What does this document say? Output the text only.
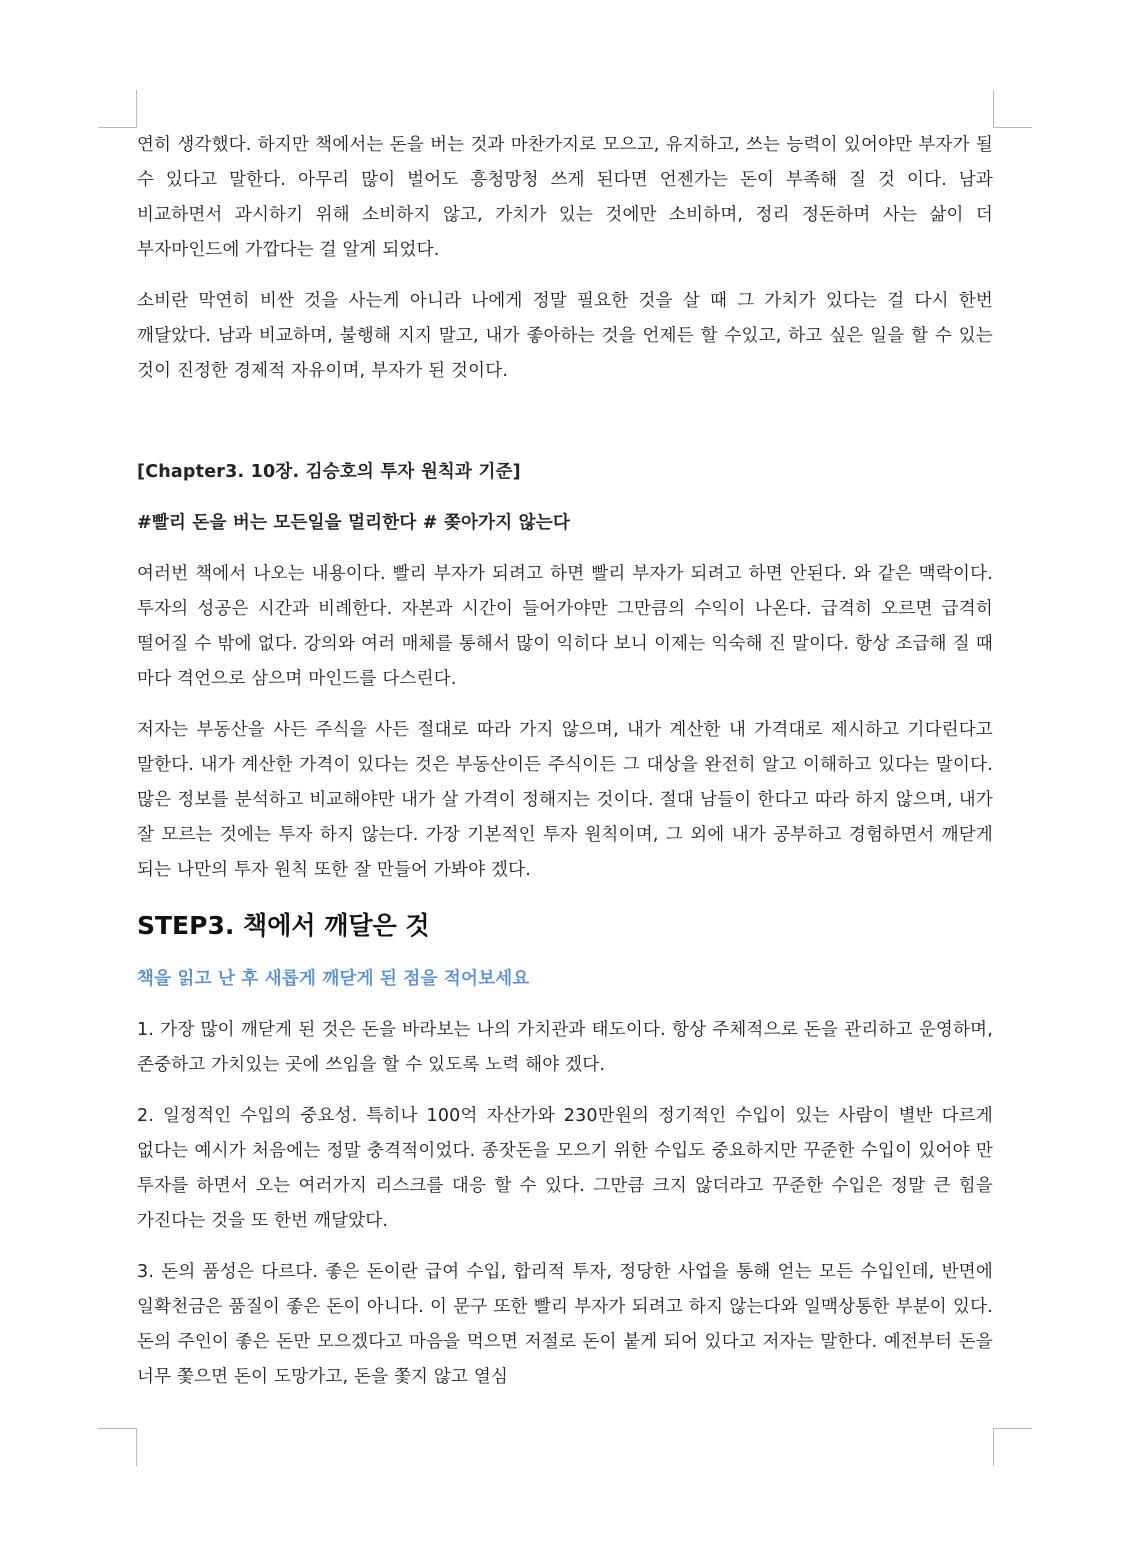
연히 생각했다. 하지만 책에서는 돈을 버는 것과 마찬가지로 모으고, 유지하고, 쓰는 능력이 있어야만 부자가 될 수 있다고 말한다. 아무리 많이 벌어도 흥청망청 쓰게 된다면 언젠가는 돈이 부족해 질 것 이다. 남과 비교하면서 과시하기 위해 소비하지 않고, 가치가 있는 것에만 소비하며, 정리 정돈하며 사는 삶이 더 부자마인드에 가깝다는 걸 알게 되었다.

소비란 막연히 비싼 것을 사는게 아니라 나에게 정말 필요한 것을 살 때 그 가치가 있다는 걸 다시 한번 깨달았다. 남과 비교하며, 불행해 지지 말고, 내가 좋아하는 것을 언제든 할 수있고, 하고 싶은 일을 할 수 있는 것이 진정한 경제적 자유이며, 부자가 된 것이다.

[Chapter3. 10장. 김승호의 투자 원칙과 기준]

#빨리 돈을 버는 모든일을 멀리한다 # 쫒아가지 않는다

여러번 책에서 나오는 내용이다. 빨리 부자가 되려고 하면 빨리 부자가 되려고 하면 안된다. 와 같은 맥락이다. 투자의 성공은 시간과 비례한다. 자본과 시간이 들어가야만 그만큼의 수익이 나온다. 급격히 오르면 급격히 떨어질 수 밖에 없다. 강의와 여러 매체를 통해서 많이 익히다 보니 이제는 익숙해 진 말이다. 항상 조급해 질 때 마다 격언으로 삼으며 마인드를 다스린다.

저자는 부동산을 사든 주식을 사든 절대로 따라 가지 않으며, 내가 계산한 내 가격대로 제시하고 기다린다고 말한다. 내가 계산한 가격이 있다는 것은 부동산이든 주식이든 그 대상을 완전히 알고 이해하고 있다는 말이다. 많은 정보를 분석하고 비교해야만 내가 살 가격이 정해지는 것이다. 절대 남들이 한다고 따라 하지 않으며, 내가 잘 모르는 것에는 투자 하지 않는다. 가장 기본적인 투자 원칙이며, 그 외에 내가 공부하고 경험하면서 깨닫게 되는 나만의 투자 원칙 또한 잘 만들어 가봐야 겠다.

STEP3. 책에서 깨달은 것

책을 읽고 난 후 새롭게 깨닫게 된 점을 적어보세요

1. 가장 많이 깨닫게 된 것은 돈을 바라보는 나의 가치관과 태도이다. 항상 주체적으로 돈을 관리하고 운영하며, 존중하고 가치있는 곳에 쓰임을 할 수 있도록 노력 해야 겠다.

2. 일정적인 수입의 중요성. 특히나 100억 자산가와 230만원의 정기적인 수입이 있는 사람이 별반 다르게 없다는 예시가 처음에는 정말 충격적이었다. 종잣돈을 모으기 위한 수입도 중요하지만 꾸준한 수입이 있어야 만 투자를 하면서 오는 여러가지 리스크를 대응 할 수 있다. 그만큼 크지 않더라고 꾸준한 수입은 정말 큰 힘을 가진다는 것을 또 한번 깨달았다.

3. 돈의 품성은 다르다. 좋은 돈이란 급여 수입, 합리적 투자, 정당한 사업을 통해 얻는 모든 수입인데, 반면에 일확천금은 품질이 좋은 돈이 아니다. 이 문구 또한 빨리 부자가 되려고 하지 않는다와 일맥상통한 부분이 있다. 돈의 주인이 좋은 돈만 모으겠다고 마음을 먹으면 저절로 돈이 붙게 되어 있다고 저자는 말한다. 예전부터 돈을 너무 쫓으면 돈이 도망가고, 돈을 쫓지 않고 열심
